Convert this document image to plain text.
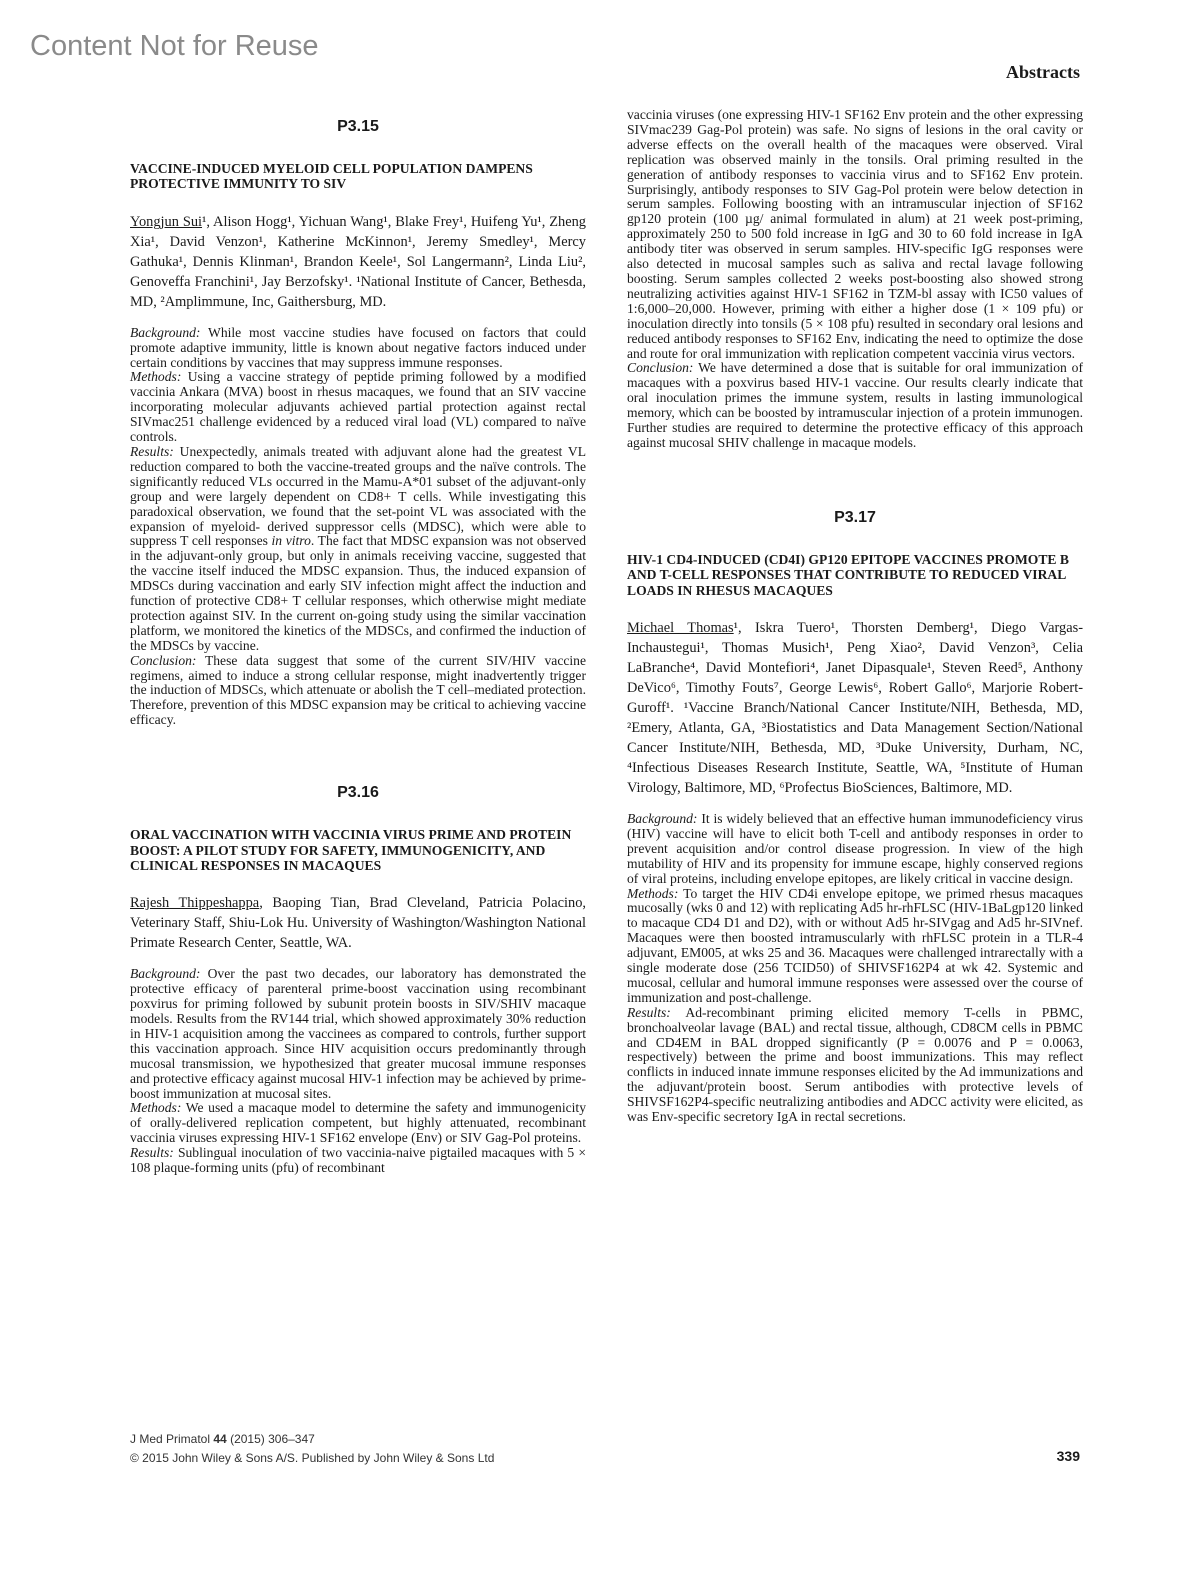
Content Not for Reuse
Abstracts

P3.15

VACCINE-INDUCED MYELOID CELL POPULATION DAMPENS PROTECTIVE IMMUNITY TO SIV

Yongjun Sui¹, Alison Hogg¹, Yichuan Wang¹, Blake Frey¹, Huifeng Yu¹, Zheng Xia¹, David Venzon¹, Katherine McKinnon¹, Jeremy Smedley¹, Mercy Gathuka¹, Dennis Klinman¹, Brandon Keele¹, Sol Langermann², Linda Liu², Genoveffa Franchini¹, Jay Berzofsky¹. ¹National Institute of Cancer, Bethesda, MD, ²Amplimmune, Inc, Gaithersburg, MD.

Background: While most vaccine studies have focused on factors that could promote adaptive immunity, little is known about negative factors induced under certain conditions by vaccines that may suppress immune responses.

Methods: Using a vaccine strategy of peptide priming followed by a modified vaccinia Ankara (MVA) boost in rhesus macaques, we found that an SIV vaccine incorporating molecular adjuvants achieved partial protection against rectal SIVmac251 challenge evidenced by a reduced viral load (VL) compared to naïve controls.

Results: Unexpectedly, animals treated with adjuvant alone had the greatest VL reduction compared to both the vaccine-treated groups and the naïve controls. The significantly reduced VLs occurred in the Mamu-A*01 subset of the adjuvant-only group and were largely dependent on CD8+ T cells. While investigating this paradoxical observation, we found that the set-point VL was associated with the expansion of myeloid- derived suppressor cells (MDSC), which were able to suppress T cell responses in vitro. The fact that MDSC expansion was not observed in the adjuvant-only group, but only in animals receiving vaccine, suggested that the vaccine itself induced the MDSC expansion. Thus, the induced expansion of MDSCs during vaccination and early SIV infection might affect the induction and function of protective CD8+ T cellular responses, which otherwise might mediate protection against SIV. In the current on-going study using the similar vaccination platform, we monitored the kinetics of the MDSCs, and confirmed the induction of the MDSCs by vaccine.

Conclusion: These data suggest that some of the current SIV/HIV vaccine regimens, aimed to induce a strong cellular response, might inadvertently trigger the induction of MDSCs, which attenuate or abolish the T cell–mediated protection. Therefore, prevention of this MDSC expansion may be critical to achieving vaccine efficacy.

P3.16

ORAL VACCINATION WITH VACCINIA VIRUS PRIME AND PROTEIN BOOST: A PILOT STUDY FOR SAFETY, IMMUNOGENICITY, AND CLINICAL RESPONSES IN MACAQUES

Rajesh Thippeshappa, Baoping Tian, Brad Cleveland, Patricia Polacino, Veterinary Staff, Shiu-Lok Hu. University of Washington/Washington National Primate Research Center, Seattle, WA.

Background: Over the past two decades, our laboratory has demonstrated the protective efficacy of parenteral prime-boost vaccination using recombinant poxvirus for priming followed by subunit protein boosts in SIV/SHIV macaque models. Results from the RV144 trial, which showed approximately 30% reduction in HIV-1 acquisition among the vaccinees as compared to controls, further support this vaccination approach. Since HIV acquisition occurs predominantly through mucosal transmission, we hypothesized that greater mucosal immune responses and protective efficacy against mucosal HIV-1 infection may be achieved by prime-boost immunization at mucosal sites.

Methods: We used a macaque model to determine the safety and immunogenicity of orally-delivered replication competent, but highly attenuated, recombinant vaccinia viruses expressing HIV-1 SF162 envelope (Env) or SIV Gag-Pol proteins.

Results: Sublingual inoculation of two vaccinia-naive pigtailed macaques with 5 × 108 plaque-forming units (pfu) of recombinant

vaccinia viruses (one expressing HIV-1 SF162 Env protein and the other expressing SIVmac239 Gag-Pol protein) was safe. No signs of lesions in the oral cavity or adverse effects on the overall health of the macaques were observed. Viral replication was observed mainly in the tonsils. Oral priming resulted in the generation of antibody responses to vaccinia virus and to SF162 Env protein. Surprisingly, antibody responses to SIV Gag-Pol protein were below detection in serum samples. Following boosting with an intramuscular injection of SF162 gp120 protein (100 µg/ animal formulated in alum) at 21 week post-priming, approximately 250 to 500 fold increase in IgG and 30 to 60 fold increase in IgA antibody titer was observed in serum samples. HIV-specific IgG responses were also detected in mucosal samples such as saliva and rectal lavage following boosting. Serum samples collected 2 weeks post-boosting also showed strong neutralizing activities against HIV-1 SF162 in TZM-bl assay with IC50 values of 1:6,000–20,000. However, priming with either a higher dose (1 × 109 pfu) or inoculation directly into tonsils (5 × 108 pfu) resulted in secondary oral lesions and reduced antibody responses to SF162 Env, indicating the need to optimize the dose and route for oral immunization with replication competent vaccinia virus vectors.

Conclusion: We have determined a dose that is suitable for oral immunization of macaques with a poxvirus based HIV-1 vaccine. Our results clearly indicate that oral inoculation primes the immune system, results in lasting immunological memory, which can be boosted by intramuscular injection of a protein immunogen. Further studies are required to determine the protective efficacy of this approach against mucosal SHIV challenge in macaque models.

P3.17

HIV-1 CD4-INDUCED (CD4I) GP120 EPITOPE VACCINES PROMOTE B AND T-CELL RESPONSES THAT CONTRIBUTE TO REDUCED VIRAL LOADS IN RHESUS MACAQUES

Michael Thomas¹, Iskra Tuero¹, Thorsten Demberg¹, Diego Vargas-Inchaustegui¹, Thomas Musich¹, Peng Xiao², David Venzon³, Celia LaBranche⁴, David Montefiori⁴, Janet Dipasquale¹, Steven Reed⁵, Anthony DeVico⁶, Timothy Fouts⁷, George Lewis⁶, Robert Gallo⁶, Marjorie Robert-Guroff¹. ¹Vaccine Branch/National Cancer Institute/NIH, Bethesda, MD, ²Emery, Atlanta, GA, ³Biostatistics and Data Management Section/National Cancer Institute/NIH, Bethesda, MD, ³Duke University, Durham, NC, ⁴Infectious Diseases Research Institute, Seattle, WA, ⁵Institute of Human Virology, Baltimore, MD, ⁶Profectus BioSciences, Baltimore, MD.

Background: It is widely believed that an effective human immunodeficiency virus (HIV) vaccine will have to elicit both T-cell and antibody responses in order to prevent acquisition and/or control disease progression. In view of the high mutability of HIV and its propensity for immune escape, highly conserved regions of viral proteins, including envelope epitopes, are likely critical in vaccine design.

Methods: To target the HIV CD4i envelope epitope, we primed rhesus macaques mucosally (wks 0 and 12) with replicating Ad5 hr-rhFLSC (HIV-1BaLgp120 linked to macaque CD4 D1 and D2), with or without Ad5 hr-SIVgag and Ad5 hr-SIVnef. Macaques were then boosted intramuscularly with rhFLSC protein in a TLR-4 adjuvant, EM005, at wks 25 and 36. Macaques were challenged intrarectally with a single moderate dose (256 TCID50) of SHIVSF162P4 at wk 42. Systemic and mucosal, cellular and humoral immune responses were assessed over the course of immunization and post-challenge.

Results: Ad-recombinant priming elicited memory T-cells in PBMC, bronchoalveolar lavage (BAL) and rectal tissue, although, CD8CM cells in PBMC and CD4EM in BAL dropped significantly (P = 0.0076 and P = 0.0063, respectively) between the prime and boost immunizations. This may reflect conflicts in induced innate immune responses elicited by the Ad immunizations and the adjuvant/protein boost. Serum antibodies with protective levels of SHIVSF162P4-specific neutralizing antibodies and ADCC activity were elicited, as was Env-specific secretory IgA in rectal secretions.

J Med Primatol 44 (2015) 306–347
© 2015 John Wiley & Sons A/S. Published by John Wiley & Sons Ltd	339
